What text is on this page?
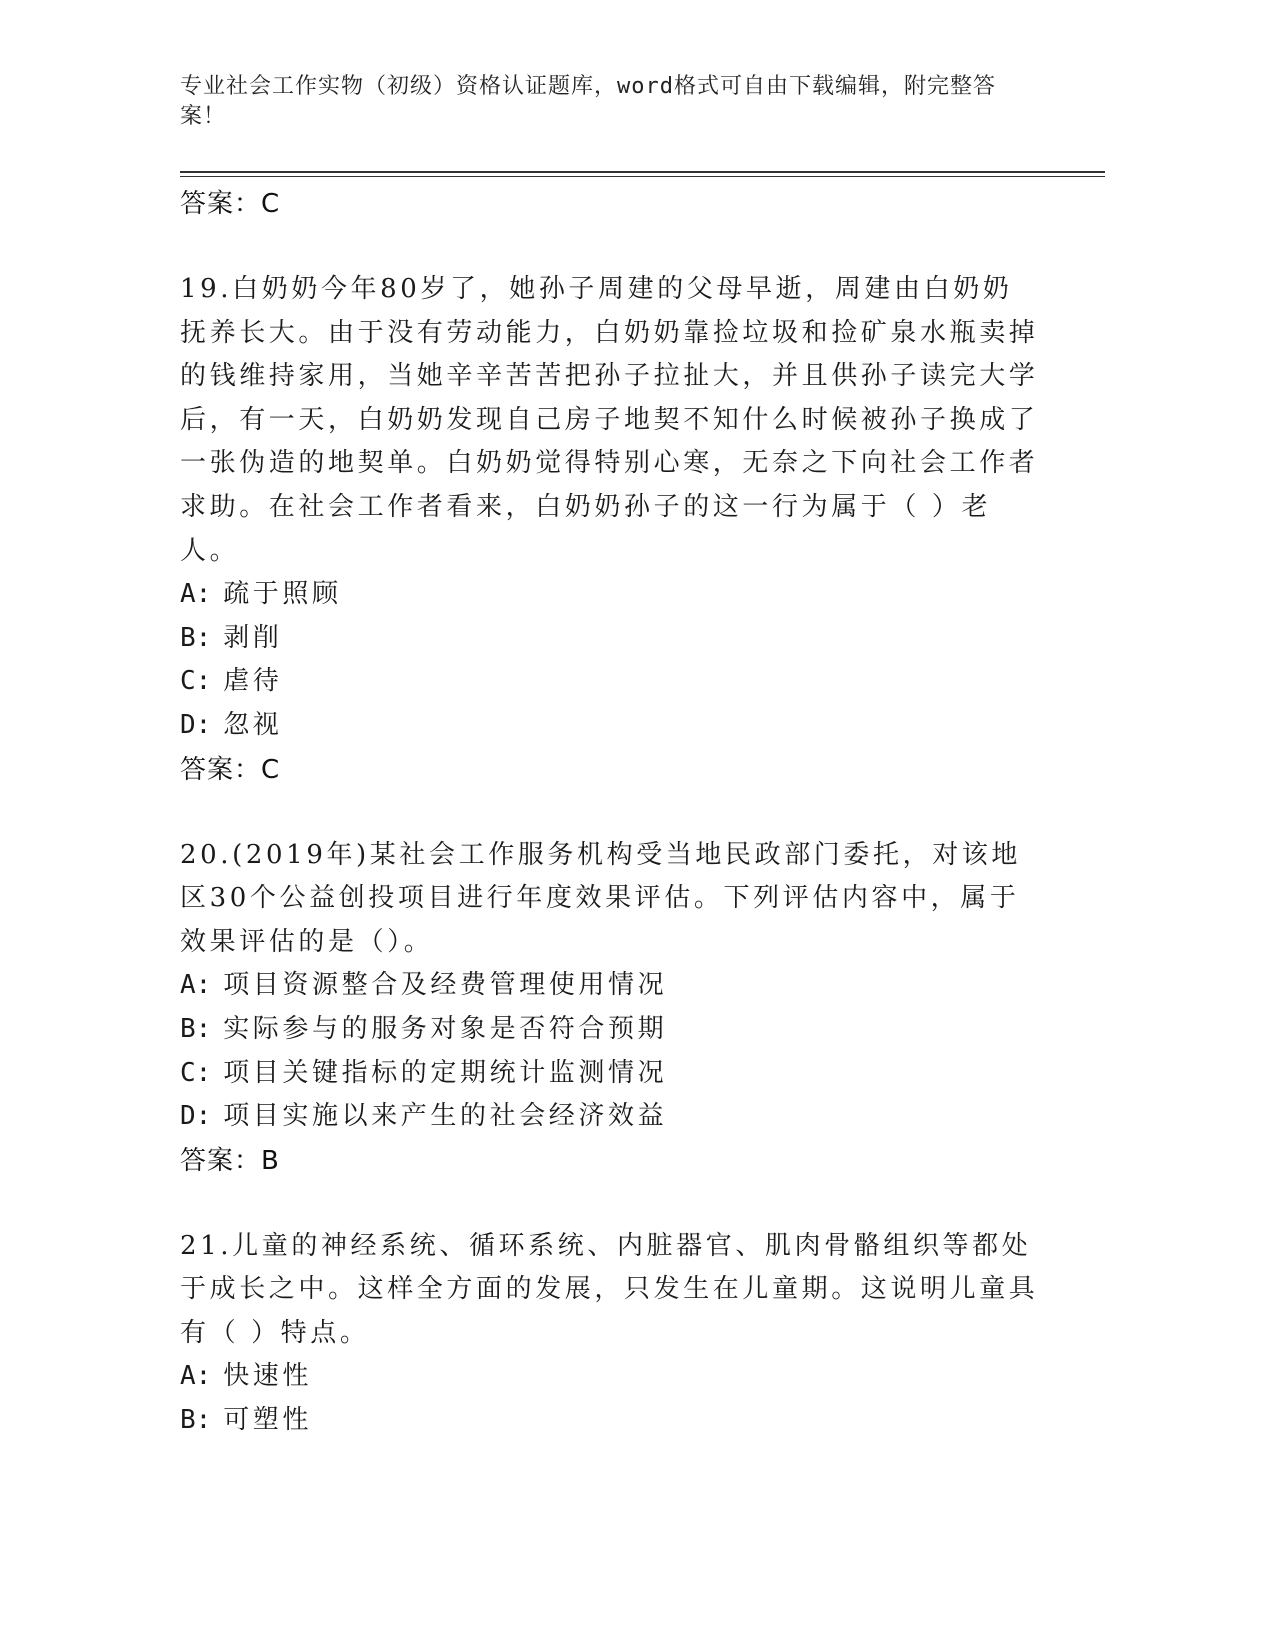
专业社会工作实物（初级）资格认证题库，word格式可自由下载编辑，附完整答
案！
答案：C
19.白奶奶今年80岁了，她孙子周建的父母早逝，周建由白奶奶抚养长大。由于没有劳动能力，白奶奶靠捡垃圾和捡矿泉水瓶卖掉的钱维持家用，当她辛辛苦苦把孙子拉扯大，并且供孙子读完大学后，有一天，白奶奶发现自己房子地契不知什么时候被孙子换成了一张伪造的地契单。白奶奶觉得特别心寒，无奈之下向社会工作者求助。在社会工作者看来，白奶奶孙子的这一行为属于（ ）老人。
A: 疏于照顾
B: 剥削
C: 虐待
D: 忽视
答案：C
20.(2019年)某社会工作服务机构受当地民政部门委托，对该地区30个公益创投项目进行年度效果评估。下列评估内容中，属于效果评估的是（）。
A: 项目资源整合及经费管理使用情况
B: 实际参与的服务对象是否符合预期
C: 项目关键指标的定期统计监测情况
D: 项目实施以来产生的社会经济效益
答案：B
21.儿童的神经系统、循环系统、内脏器官、肌肉骨骼组织等都处于成长之中。这样全方面的发展，只发生在儿童期。这说明儿童具有（ ）特点。
A: 快速性
B: 可塑性
